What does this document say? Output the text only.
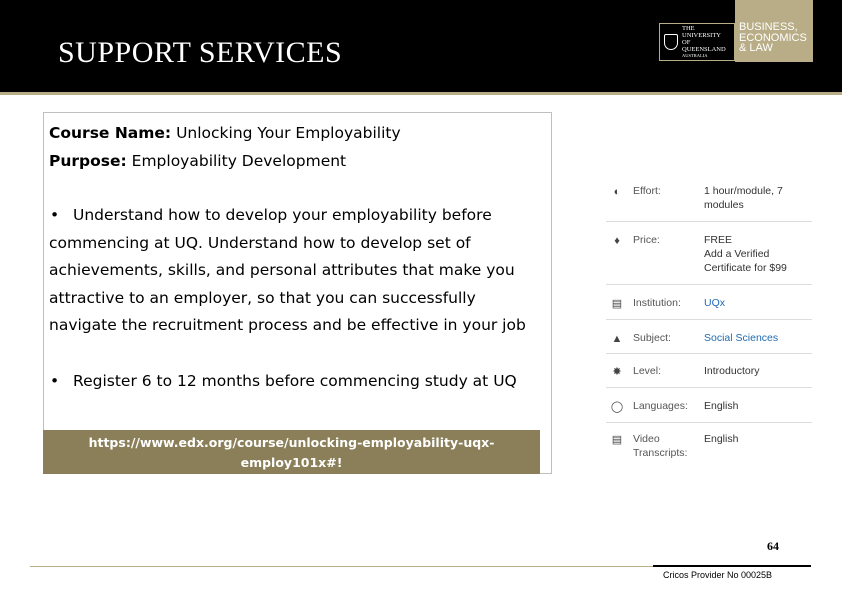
SUPPORT SERVICES
THE UNIVERSITY
OF QUEENSLAND
AUSTRALIA
BUSINESS,
ECONOMICS
& LAW
Course Name: Unlocking Your Employability
Purpose: Employability Development
• Understand how to develop your employability before
commencing at UQ. Understand how to develop set of
achievements, skills, and personal attributes that make you
attractive to an employer, so that you can successfully
navigate the recruitment process and be effective in your job
• Register 6 to 12 months before commencing study at UQ
https://www.edx.org/course/unlocking-employability-uqx-
employ101x#!
◐	Effort:	1 hour/module, 7
modules
♦	Price:	FREE
Add a Verified
Certificate for $99
▤ Institution: UQx
▲ Subject:	Social Sciences
✸ Level:	Introductory
◯ Languages: English
▤ Video
Transcripts:
English
64
Cricos Provider No 00025B
